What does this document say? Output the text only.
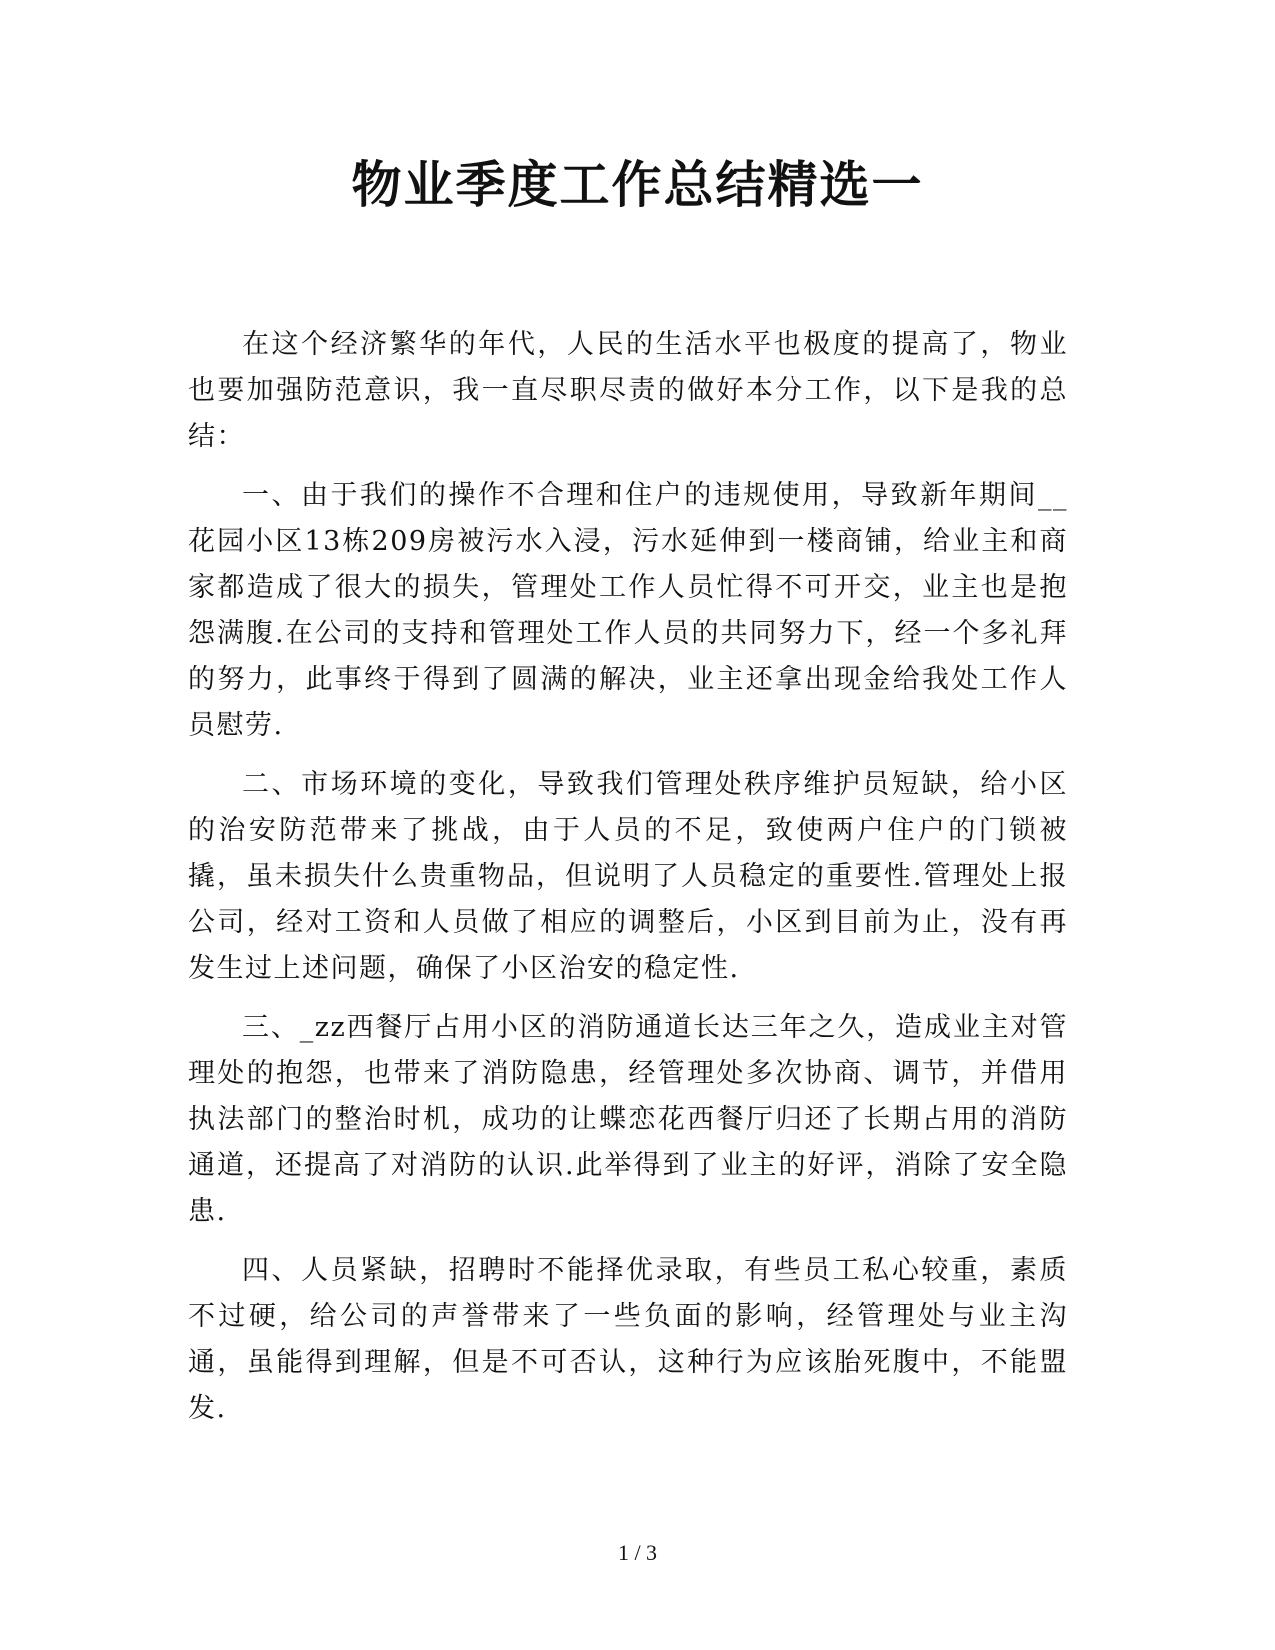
物业季度工作总结精选一

在这个经济繁华的年代，人民的生活水平也极度的提高了，物业也要加强防范意识，我一直尽职尽责的做好本分工作，以下是我的总结：

一、由于我们的操作不合理和住户的违规使用，导致新年期间__花园小区13栋209房被污水入浸，污水延伸到一楼商铺，给业主和商家都造成了很大的损失，管理处工作人员忙得不可开交，业主也是抱怨满腹.在公司的支持和管理处工作人员的共同努力下，经一个多礼拜的努力，此事终于得到了圆满的解决，业主还拿出现金给我处工作人员慰劳.

二、市场环境的变化，导致我们管理处秩序维护员短缺，给小区的治安防范带来了挑战，由于人员的不足，致使两户住户的门锁被撬，虽未损失什么贵重物品，但说明了人员稳定的重要性.管理处上报公司，经对工资和人员做了相应的调整后，小区到目前为止，没有再发生过上述问题，确保了小区治安的稳定性.

三、_zz西餐厅占用小区的消防通道长达三年之久，造成业主对管理处的抱怨，也带来了消防隐患，经管理处多次协商、调节，并借用执法部门的整治时机，成功的让蝶恋花西餐厅归还了长期占用的消防通道，还提高了对消防的认识.此举得到了业主的好评，消除了安全隐患.

四、人员紧缺，招聘时不能择优录取，有些员工私心较重，素质不过硬，给公司的声誉带来了一些负面的影响，经管理处与业主沟通，虽能得到理解，但是不可否认，这种行为应该胎死腹中，不能盟发.

1 / 3
